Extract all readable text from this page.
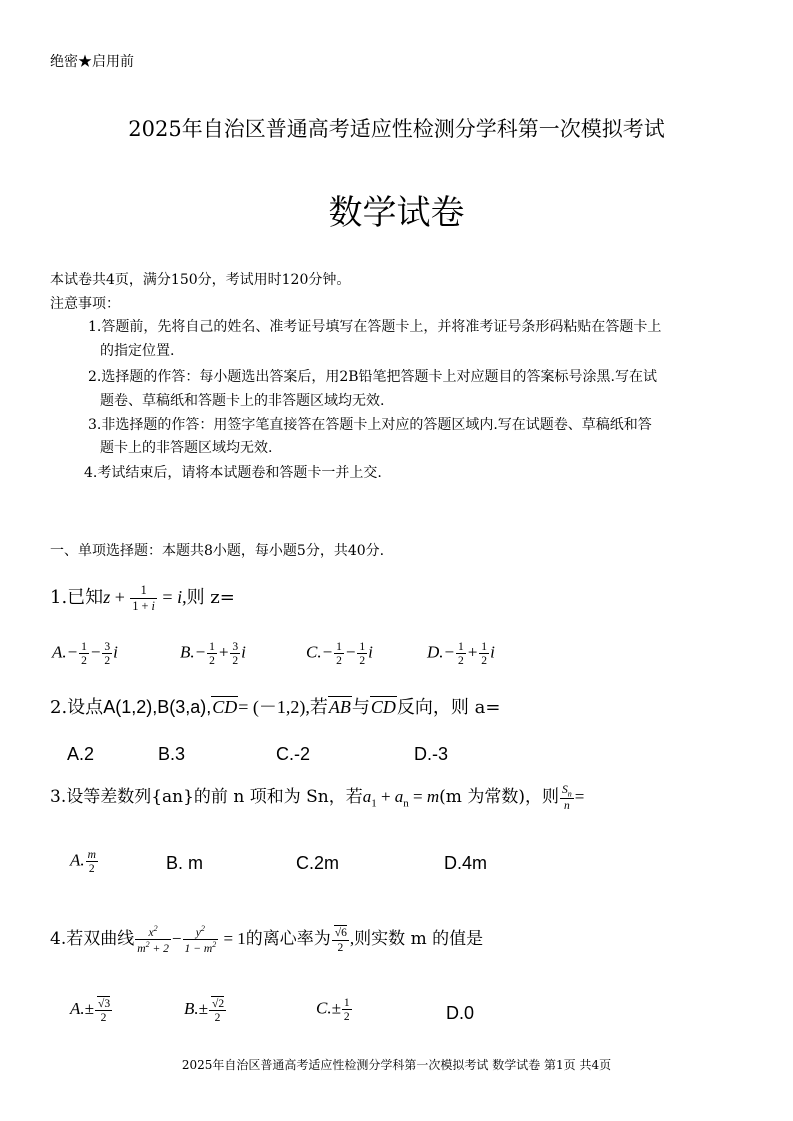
绝密★启用前
2025年自治区普通高考适应性检测分学科第一次模拟考试
数学试卷
本试卷共4页，满分150分，考试用时120分钟。
注意事项：
1.答题前，先将自己的姓名、准考证号填写在答题卡上，并将准考证号条形码粘贴在答题卡上
的指定位置.
2.选择题的作答：每小题选出答案后，用2B铅笔把答题卡上对应题目的答案标号涂黑.写在试
题卷、草稿纸和答题卡上的非答题区域均无效.
3.非选择题的作答：用签字笔直接答在答题卡上对应的答题区域内.写在试题卷、草稿纸和答
题卡上的非答题区域均无效.
4.考试结束后，请将本试题卷和答题卡一并上交.
一、单项选择题：本题共8小题，每小题5分，共40分.
1.已知$z + \frac{1}{1 + i} = i$,则 z=
$A.- \frac{1}{2} - \frac{3}{2}$ i	$B.- \frac{1}{2} + \frac{3}{2}$ i	$C.- \frac{1}{2} - \frac{1}{2}$ i	$D.- \frac{1}{2} + \frac{1}{2}$ i
2.设点A(1,2),B(3,a),CD= (－1,2),若AB与CD反向，则 a=
A.2	B.3	C.-2	D.-3
3.设等差数列{an}的前 n 项和为 Sn，若$a_1 + a_n = m(m$ 为常数)，则 $\frac{S_n}{n}$ =
A. $\frac{m}{2}$	B. m	C.2m	D.4m
4.若双曲线 $\frac{x^2}{m^2 + 2} - \frac{y^2}{1 - m^2} = 1$的离心率为 √ $\frac{6}{2}$ ,则实数 m 的值是
A.± √ $\frac{3}{2}$	B.± √ $\frac{2}{2}$	$C.\pm \frac{1}{2}$	D.0
2025年自治区普通高考适应性检测分学科第一次模拟考试 数学试卷 第1页 共4页
